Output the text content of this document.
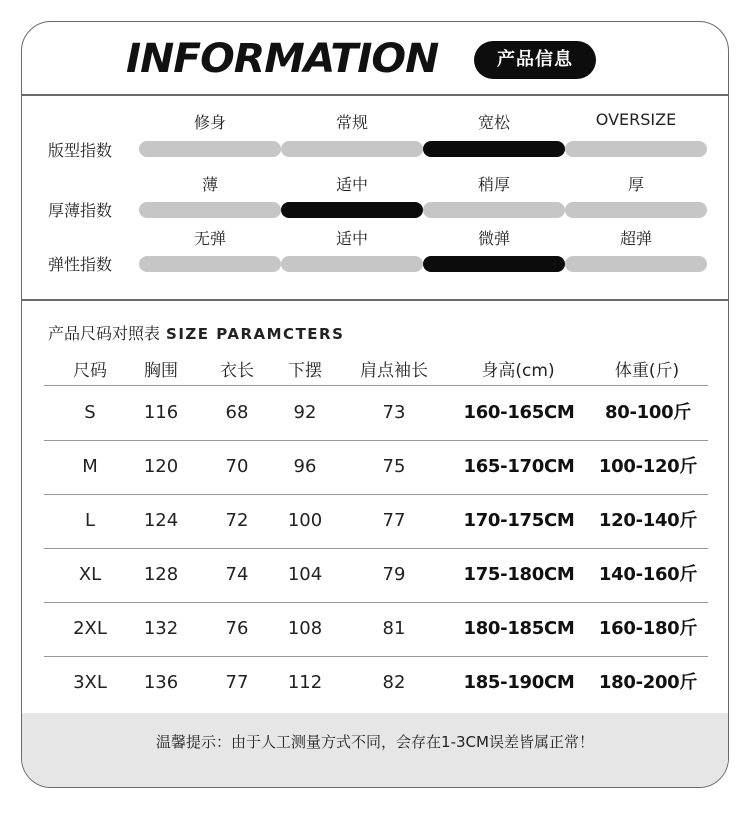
INFORMATION	产品信息
修身	常规	宽松	OVERSIZE
版型指数
薄	适中	稍厚	厚
厚薄指数
无弹	适中	微弹	超弹
弹性指数
产品尺码对照表 SIZE PARAMCTERS
尺码	胸围	衣长	下摆	肩点袖长	身高(cm)	体重(斤)
S	116	68	92	73	160-165CM	80-100斤
M	120	70	96	75	165-170CM	100-120斤
L	124	72	100	77	170-175CM	120-140斤
XL	128	74	104	79	175-180CM	140-160斤
2XL	132	76	108	81	180-185CM	160-180斤
3XL	136	77	112	82	185-190CM	180-200斤
温馨提示：由于人工测量方式不同，会存在1-3CM误差皆属正常！
